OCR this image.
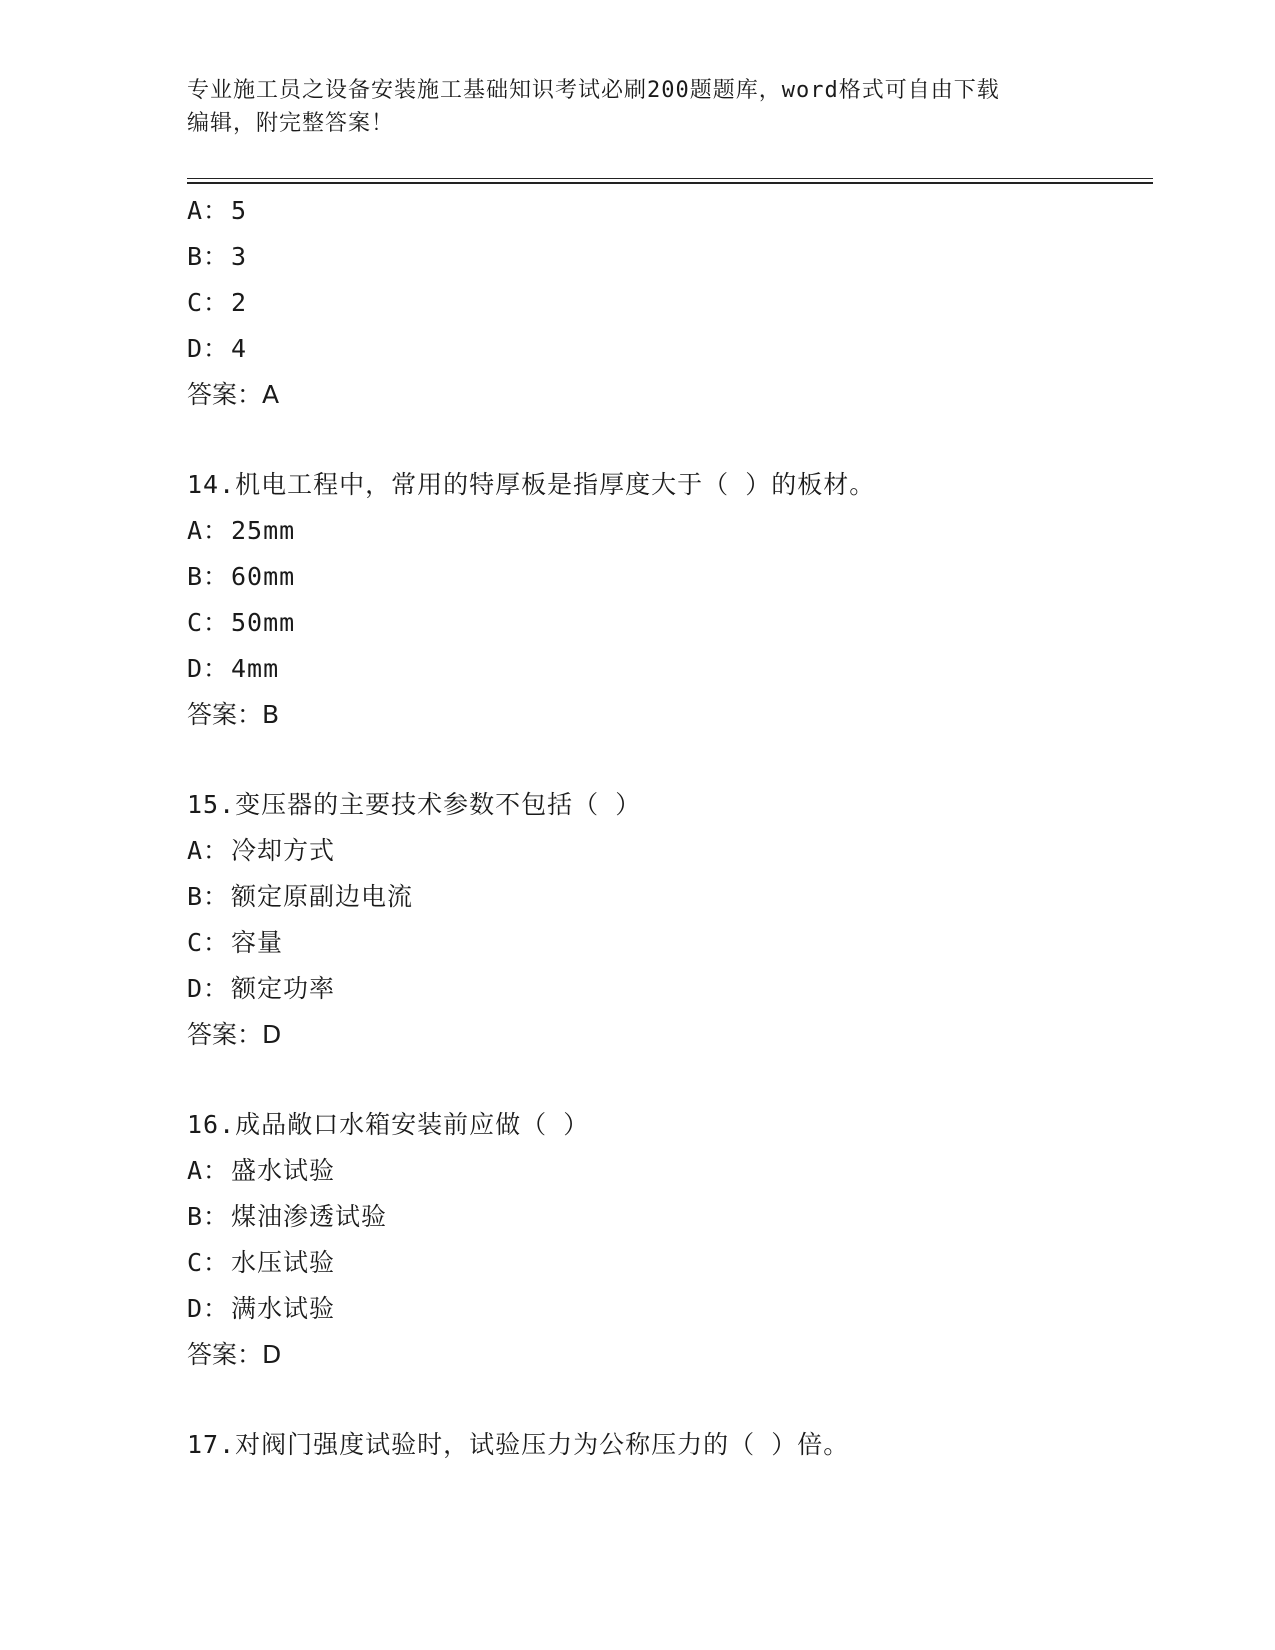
专业施工员之设备安装施工基础知识考试必刷200题题库，word格式可自由下载
编辑，附完整答案！
A：5
B：3
C：2
D：4
答案：A
14.机电工程中，常用的特厚板是指厚度大于（ ）的板材。
A：25mm
B：60mm
C：50mm
D：4mm
答案：B
15.变压器的主要技术参数不包括（ ）
A：冷却方式
B：额定原副边电流
C：容量
D：额定功率
答案：D
16.成品敞口水箱安装前应做（ ）
A：盛水试验
B：煤油渗透试验
C：水压试验
D：满水试验
答案：D
17.对阀门强度试验时，试验压力为公称压力的（ ）倍。
